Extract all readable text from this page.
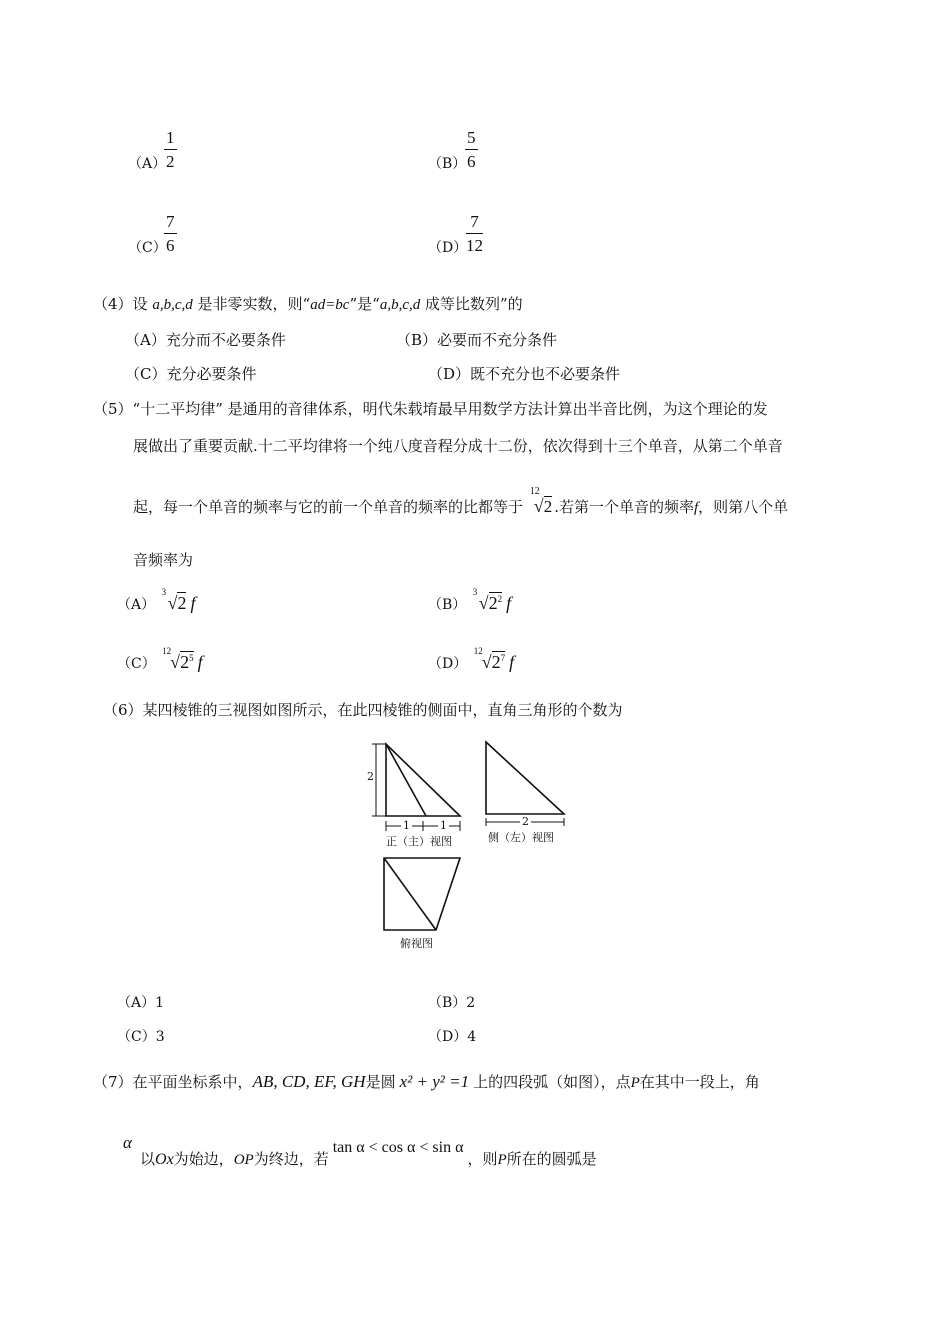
（A）
1
2	（B）
5
6
（C）
7
6	（D）
7
12
（4）设 a,b,c,d 是非零实数，则“ad=bc”是“a,b,c,d 成等比数列”的
（A）充分而不必要条件	（B）必要而不充分条件
（C）充分必要条件	（D）既不充分也不必要条件
（5）“十二平均律” 是通用的音律体系，明代朱载堉最早用数学方法计算出半音比例，为这个理论的发
展做出了重要贡献.十二平均律将一个纯八度音程分成十二份，依次得到十三个单音，从第二个单音
起，每一个单音的频率与它的前一个单音的频率的比都等于
12
√2 .若第一个单音的频率f，则第八个单
音频率为
（A）
3
√2 f	（B）
3
$√2^2$ f
（C）
12
$√2^5$ f	（D）
12
$√2^7$ f
（6）某四棱锥的三视图如图所示，在此四棱锥的侧面中，直角三角形的个数为
2
1	1
正（主）视图
2
侧（左）视图
俯视图
（A）1	（B）2
（C）3	（D）4
（7）在平面坐标系中，AB, CD, EF, GH是圆 x² + y² =1 上的四段弧（如图），点P在其中一段上，角
α
以Ox为始边，OP为终边，若tan α < cos α < sin α，则P所在的圆弧是
